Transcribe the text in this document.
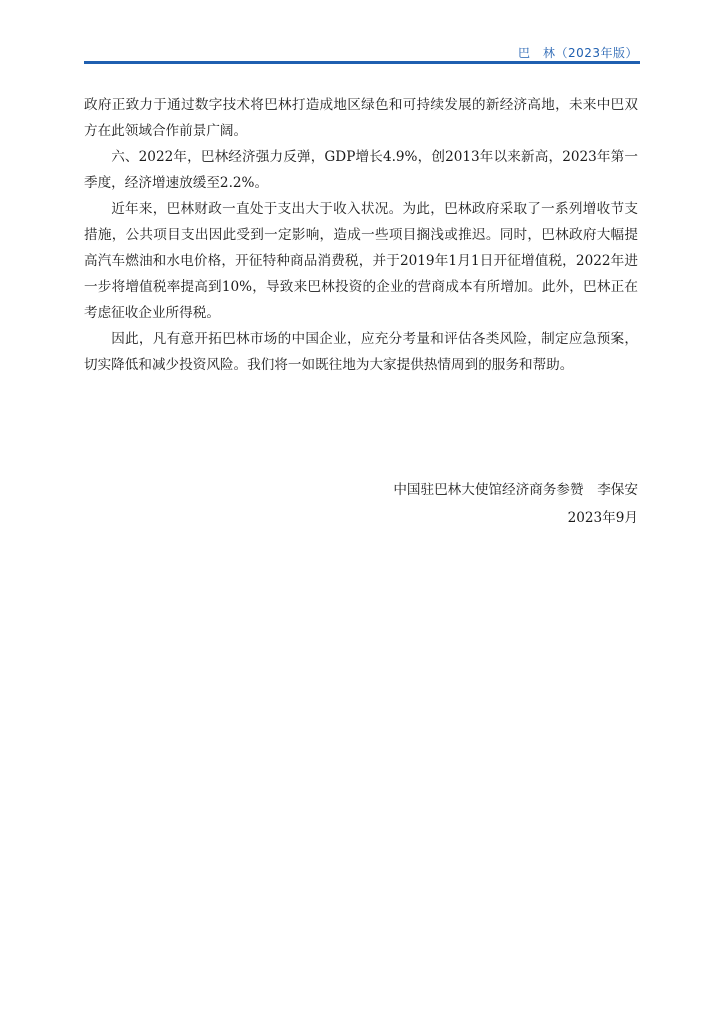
巴　林（2023年版）

政府正致力于通过数字技术将巴林打造成地区绿色和可持续发展的新经济高地，未来中巴双方在此领域合作前景广阔。

六、2022年，巴林经济强力反弹，GDP增长4.9%，创2013年以来新高，2023年第一季度，经济增速放缓至2.2%。

近年来，巴林财政一直处于支出大于收入状况。为此，巴林政府采取了一系列增收节支措施，公共项目支出因此受到一定影响，造成一些项目搁浅或推迟。同时，巴林政府大幅提高汽车燃油和水电价格，开征特种商品消费税，并于2019年1月1日开征增值税，2022年进一步将增值税率提高到10%，导致来巴林投资的企业的营商成本有所增加。此外，巴林正在考虑征收企业所得税。

因此，凡有意开拓巴林市场的中国企业，应充分考量和评估各类风险，制定应急预案，切实降低和减少投资风险。我们将一如既往地为大家提供热情周到的服务和帮助。

中国驻巴林大使馆经济商务参赞　李保安
2023年9月
